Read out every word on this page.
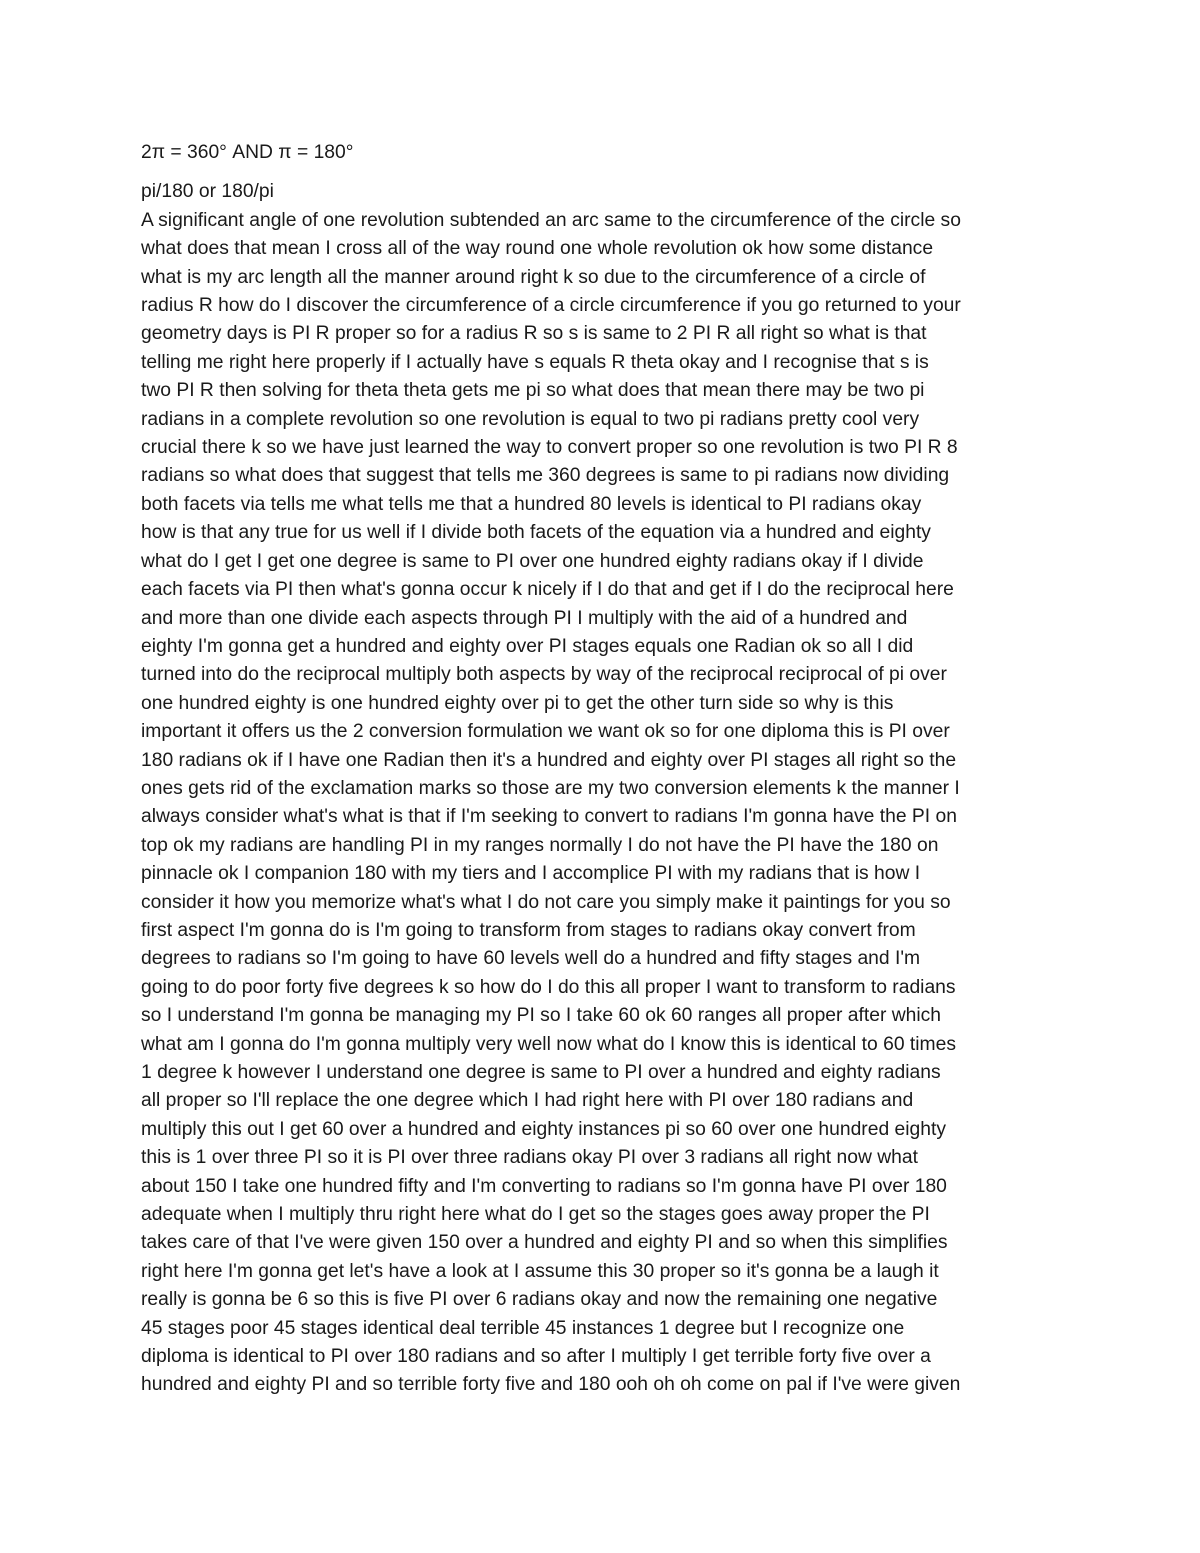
2π = 360° AND π = 180°

pi/180 or 180/pi

A significant angle of one revolution subtended an arc same to the circumference of the circle so

what does that mean I cross all of the way round one whole revolution ok how some distance

what is my arc length all the manner around right k so due to the circumference of a circle of

radius R how do I discover the circumference of a circle circumference if you go returned to your

geometry days is PI R proper so for a radius R so s is same to 2 PI R all right so what is that

telling me right here properly if I actually have s equals R theta okay and I recognise that s is

two PI R then solving for theta theta gets me pi so what does that mean there may be two pi

radians in a complete revolution so one revolution is equal to two pi radians pretty cool very

crucial there k so we have just learned the way to convert proper so one revolution is two PI R 8

radians so what does that suggest that tells me 360 degrees is same to pi radians now dividing

both facets via tells me what tells me that a hundred 80 levels is identical to PI radians okay

how is that any true for us well if I divide both facets of the equation via a hundred and eighty

what do I get I get one degree is same to PI over one hundred eighty radians okay if I divide

each facets via PI then what's gonna occur k nicely if I do that and get if I do the reciprocal here

and more than one divide each aspects through PI I multiply with the aid of a hundred and

eighty I'm gonna get a hundred and eighty over PI stages equals one Radian ok so all I did

turned into do the reciprocal multiply both aspects by way of the reciprocal reciprocal of pi over

one hundred eighty is one hundred eighty over pi to get the other turn side so why is this

important it offers us the 2 conversion formulation we want ok so for one diploma this is PI over

180 radians ok if I have one Radian then it's a hundred and eighty over PI stages all right so the

ones gets rid of the exclamation marks so those are my two conversion elements k the manner I

always consider what's what is that if I'm seeking to convert to radians I'm gonna have the PI on

top ok my radians are handling PI in my ranges normally I do not have the PI have the 180 on

pinnacle ok I companion 180 with my tiers and I accomplice PI with my radians that is how I

consider it how you memorize what's what I do not care you simply make it paintings for you so

first aspect I'm gonna do is I'm going to transform from stages to radians okay convert from

degrees to radians so I'm going to have 60 levels well do a hundred and fifty stages and I'm

going to do poor forty five degrees k so how do I do this all proper I want to transform to radians

so I understand I'm gonna be managing my PI so I take 60 ok 60 ranges all proper after which

what am I gonna do I'm gonna multiply very well now what do I know this is identical to 60 times

1 degree k however I understand one degree is same to PI over a hundred and eighty radians

all proper so I'll replace the one degree which I had right here with PI over 180 radians and

multiply this out I get 60 over a hundred and eighty instances pi so 60 over one hundred eighty

this is 1 over three PI so it is PI over three radians okay PI over 3 radians all right now what

about 150 I take one hundred fifty and I'm converting to radians so I'm gonna have PI over 180

adequate when I multiply thru right here what do I get so the stages goes away proper the PI

takes care of that I've were given 150 over a hundred and eighty PI and so when this simplifies

right here I'm gonna get let's have a look at I assume this 30 proper so it's gonna be a laugh it

really is gonna be 6 so this is five PI over 6 radians okay and now the remaining one negative

45 stages poor 45 stages identical deal terrible 45 instances 1 degree but I recognize one

diploma is identical to PI over 180 radians and so after I multiply I get terrible forty five over a

hundred and eighty PI and so terrible forty five and 180 ooh oh oh come on pal if I've were given
